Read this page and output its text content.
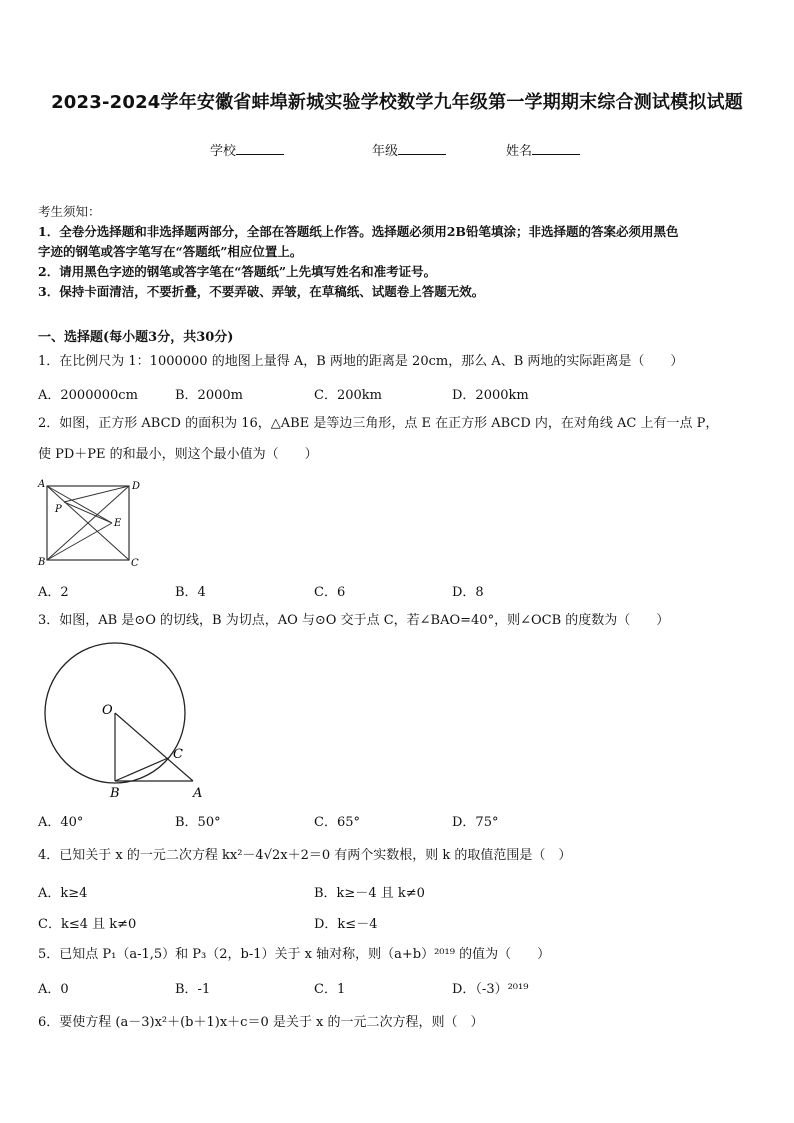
2023-2024学年安徽省蚌埠新城实验学校数学九年级第一学期期末综合测试模拟试题
学校	年级	姓名
考生须知：
1．全卷分选择题和非选择题两部分，全部在答题纸上作答。选择题必须用2B铅笔填涂；非选择题的答案必须用黑色
字迹的钢笔或答字笔写在“答题纸”相应位置上。
2．请用黑色字迹的钢笔或答字笔在“答题纸”上先填写姓名和准考证号。
3．保持卡面清洁，不要折叠，不要弄破、弄皱，在草稿纸、试题卷上答题无效。
一、选择题(每小题3分，共30分)
1．在比例尺为 1：1000000 的地图上量得 A，B 两地的距离是 20cm，那么 A、B 两地的实际距离是（　　）
A．2000000cm	B．2000m	C．200km	D．2000km
2．如图，正方形 ABCD 的面积为 16，△ABE 是等边三角形，点 E 在正方形 ABCD 内，在对角线 AC 上有一点 P，
使 PD＋PE 的和最小，则这个最小值为（　　）
A	D
B	C
P
E
A．2	B．4	C．6	D．8
3．如图，AB 是⊙O 的切线，B 为切点，AO 与⊙O 交于点 C，若∠BAO=40°，则∠OCB 的度数为（　　）
O
C
B	A
A．40°	B．50°	C．65°	D．75°
4．已知关于 x 的一元二次方程 kx²－4√2x＋2＝0 有两个实数根，则 k 的取值范围是（　）
A．k≥4	B．k≥－4 且 k≠0
C．k≤4 且 k≠0	D．k≤－4
5．已知点 P₁（a-1,5）和 P₃（2，b-1）关于 x 轴对称，则（a+b）²⁰¹⁹ 的值为（　　）
A．0	B．-1	C．1	D．（-3）²⁰¹⁹
6．要使方程 (a－3)x²＋(b＋1)x＋c＝0 是关于 x 的一元二次方程，则（　）
